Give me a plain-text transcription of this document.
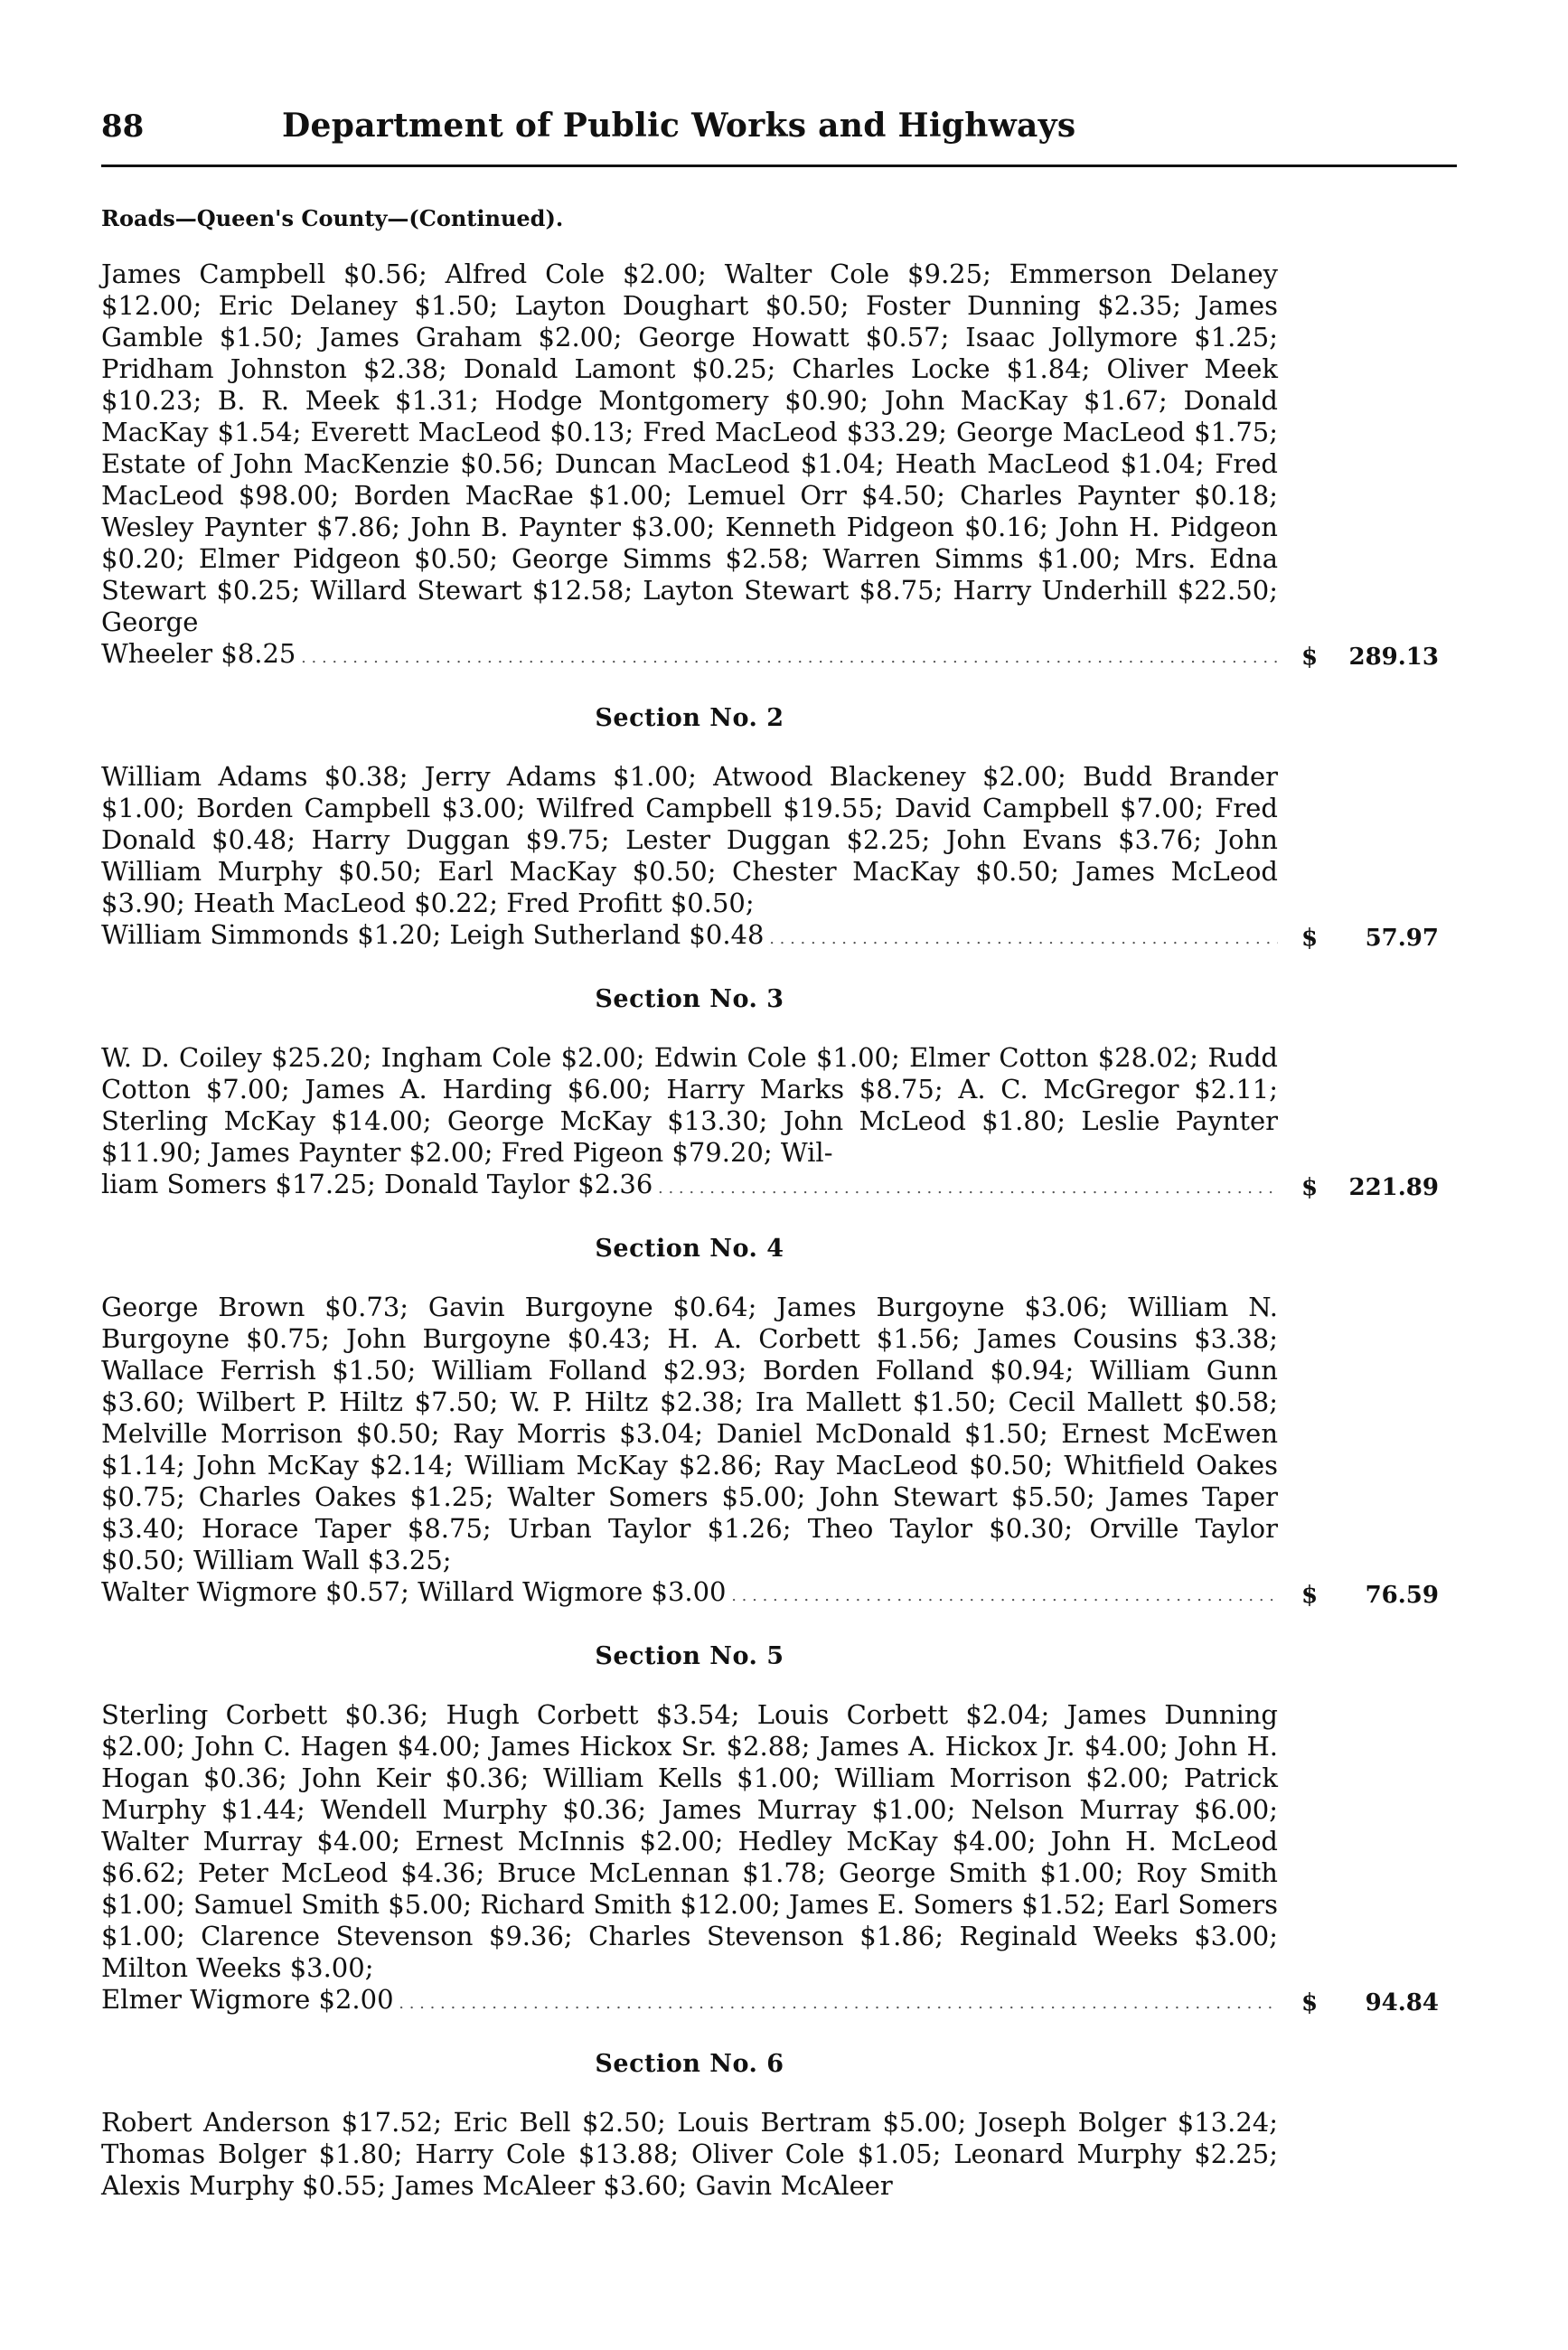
88	Department of Public Works and Highways
Roads—Queen's County—(Continued).
James Campbell $0.56; Alfred Cole $2.00; Walter Cole $9.25; Emmerson Delaney $12.00; Eric Delaney $1.50; Layton Doughart $0.50; Foster Dunning $2.35; James Gamble $1.50; James Graham $2.00; George Howatt $0.57; Isaac Jollymore $1.25; Pridham Johnston $2.38; Donald Lamont $0.25; Charles Locke $1.84; Oliver Meek $10.23; B. R. Meek $1.31; Hodge Montgomery $0.90; John MacKay $1.67; Donald MacKay $1.54; Everett MacLeod $0.13; Fred MacLeod $33.29; George MacLeod $1.75; Estate of John MacKenzie $0.56; Duncan MacLeod $1.04; Heath MacLeod $1.04; Fred MacLeod $98.00; Borden MacRae $1.00; Lemuel Orr $4.50; Charles Paynter $0.18; Wesley Paynter $7.86; John B. Paynter $3.00; Kenneth Pidgeon $0.16; John H. Pidgeon $0.20; Elmer Pidgeon $0.50; George Simms $2.58; Warren Simms $1.00; Mrs. Edna Stewart $0.25; Willard Stewart $12.58; Layton Stewart $8.75; Harry Underhill $22.50; George
Wheeler $8.25 . . .	$	289.13
Section No. 2
William Adams $0.38; Jerry Adams $1.00; Atwood Blackeney $2.00; Budd Brander $1.00; Borden Campbell $3.00; Wilfred Campbell $19.55; David Campbell $7.00; Fred Donald $0.48; Harry Duggan $9.75; Lester Duggan $2.25; John Evans $3.76; John William Murphy $0.50; Earl MacKay $0.50; Chester MacKay $0.50; James McLeod $3.90; Heath MacLeod $0.22; Fred Profitt $0.50;
William Simmonds $1.20; Leigh Sutherland $0.48 . . .	$	57.97
Section No. 3
W. D. Coiley $25.20; Ingham Cole $2.00; Edwin Cole $1.00; Elmer Cotton $28.02; Rudd Cotton $7.00; James A. Harding $6.00; Harry Marks $8.75; A. C. McGregor $2.11; Sterling McKay $14.00; George McKay $13.30; John McLeod $1.80; Leslie Paynter $11.90; James Paynter $2.00; Fred Pigeon $79.20; Wil-
liam Somers $17.25; Donald Taylor $2.36 . . .	$	221.89
Section No. 4
George Brown $0.73; Gavin Burgoyne $0.64; James Burgoyne $3.06; William N. Burgoyne $0.75; John Burgoyne $0.43; H. A. Corbett $1.56; James Cousins $3.38; Wallace Ferrish $1.50; William Folland $2.93; Borden Folland $0.94; William Gunn $3.60; Wilbert P. Hiltz $7.50; W. P. Hiltz $2.38; Ira Mallett $1.50; Cecil Mallett $0.58; Melville Morrison $0.50; Ray Morris $3.04; Daniel McDonald $1.50; Ernest McEwen $1.14; John McKay $2.14; William McKay $2.86; Ray MacLeod $0.50; Whitfield Oakes $0.75; Charles Oakes $1.25; Walter Somers $5.00; John Stewart $5.50; James Taper $3.40; Horace Taper $8.75; Urban Taylor $1.26; Theo Taylor $0.30; Orville Taylor $0.50; William Wall $3.25;
Walter Wigmore $0.57; Willard Wigmore $3.00 . . .	$	76.59
Section No. 5
Sterling Corbett $0.36; Hugh Corbett $3.54; Louis Corbett $2.04; James Dunning $2.00; John C. Hagen $4.00; James Hickox Sr. $2.88; James A. Hickox Jr. $4.00; John H. Hogan $0.36; John Keir $0.36; William Kells $1.00; William Morrison $2.00; Patrick Murphy $1.44; Wendell Murphy $0.36; James Murray $1.00; Nelson Murray $6.00; Walter Murray $4.00; Ernest McInnis $2.00; Hedley McKay $4.00; John H. McLeod $6.62; Peter McLeod $4.36; Bruce McLennan $1.78; George Smith $1.00; Roy Smith $1.00; Samuel Smith $5.00; Richard Smith $12.00; James E. Somers $1.52; Earl Somers $1.00; Clarence Stevenson $9.36; Charles Stevenson $1.86; Reginald Weeks $3.00; Milton Weeks $3.00;
Elmer Wigmore $2.00 . . .	$	94.84
Section No. 6
Robert Anderson $17.52; Eric Bell $2.50; Louis Bertram $5.00; Joseph Bolger $13.24; Thomas Bolger $1.80; Harry Cole $13.88; Oliver Cole $1.05; Leonard Murphy $2.25; Alexis Murphy $0.55; James McAleer $3.60; Gavin McAleer
